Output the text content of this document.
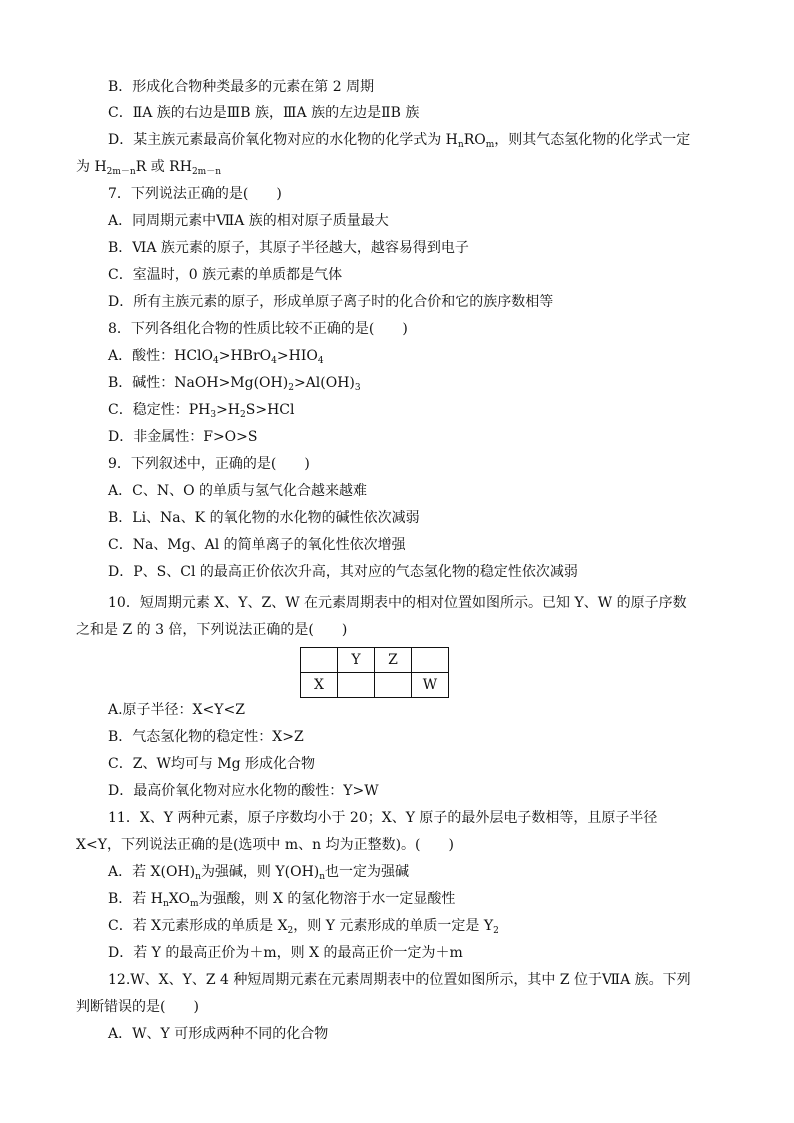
B．形成化合物种类最多的元素在第 2 周期
C．ⅡA 族的右边是ⅢB 族，ⅢA 族的左边是ⅡB 族
D．某主族元素最高价氧化物对应的水化物的化学式为 $H_nRO_m$，则其气态氢化物的化学式一定
为 $H_{2m-n}R$ 或 $RH_{2m-n}$
7．下列说法正确的是(　　)
A．同周期元素中ⅦA 族的相对原子质量最大
B．ⅥA 族元素的原子，其原子半径越大，越容易得到电子
C．室温时，0 族元素的单质都是气体
D．所有主族元素的原子，形成单原子离子时的化合价和它的族序数相等
8．下列各组化合物的性质比较不正确的是(　　)
A．酸性：$HClO_4>HBrO_4>HIO_4$
B．碱性：$NaOH>Mg(OH)_2>Al(OH)_3$
C．稳定性：$PH_3>H_2S>HCl$
D．非金属性：F>O>S
9．下列叙述中，正确的是(　　)
A．C、N、O 的单质与氢气化合越来越难
B．Li、Na、K 的氧化物的水化物的碱性依次减弱
C．Na、Mg、Al 的简单离子的氧化性依次增强
D．P、S、Cl 的最高正价依次升高，其对应的气态氢化物的稳定性依次减弱
10．短周期元素 X、Y、Z、W 在元素周期表中的相对位置如图所示。已知 Y、W 的原子序数
之和是 Z 的 3 倍，下列说法正确的是(　　)
	Y	Z	
X			W
A.原子半径：X<Y<Z
B．气态氢化物的稳定性：X>Z
C．Z、W均可与 Mg 形成化合物
D．最高价氧化物对应水化物的酸性：Y>W
11．X、Y 两种元素，原子序数均小于 20；X、Y 原子的最外层电子数相等，且原子半径
X<Y，下列说法正确的是(选项中 m、n 均为正整数)。(　　)
A．若 $X(OH)_n$为强碱，则 $Y(OH)_n$也一定为强碱
B．若 $H_nXO_m$为强酸，则 X 的氢化物溶于水一定显酸性
C．若 X元素形成的单质是 $X_2$，则 Y 元素形成的单质一定是 $Y_2$
D．若 Y 的最高正价为＋m，则 X 的最高正价一定为＋m
12.W、X、Y、Z 4 种短周期元素在元素周期表中的位置如图所示，其中 Z 位于ⅦA 族。下列
判断错误的是(　　)
A．W、Y 可形成两种不同的化合物
